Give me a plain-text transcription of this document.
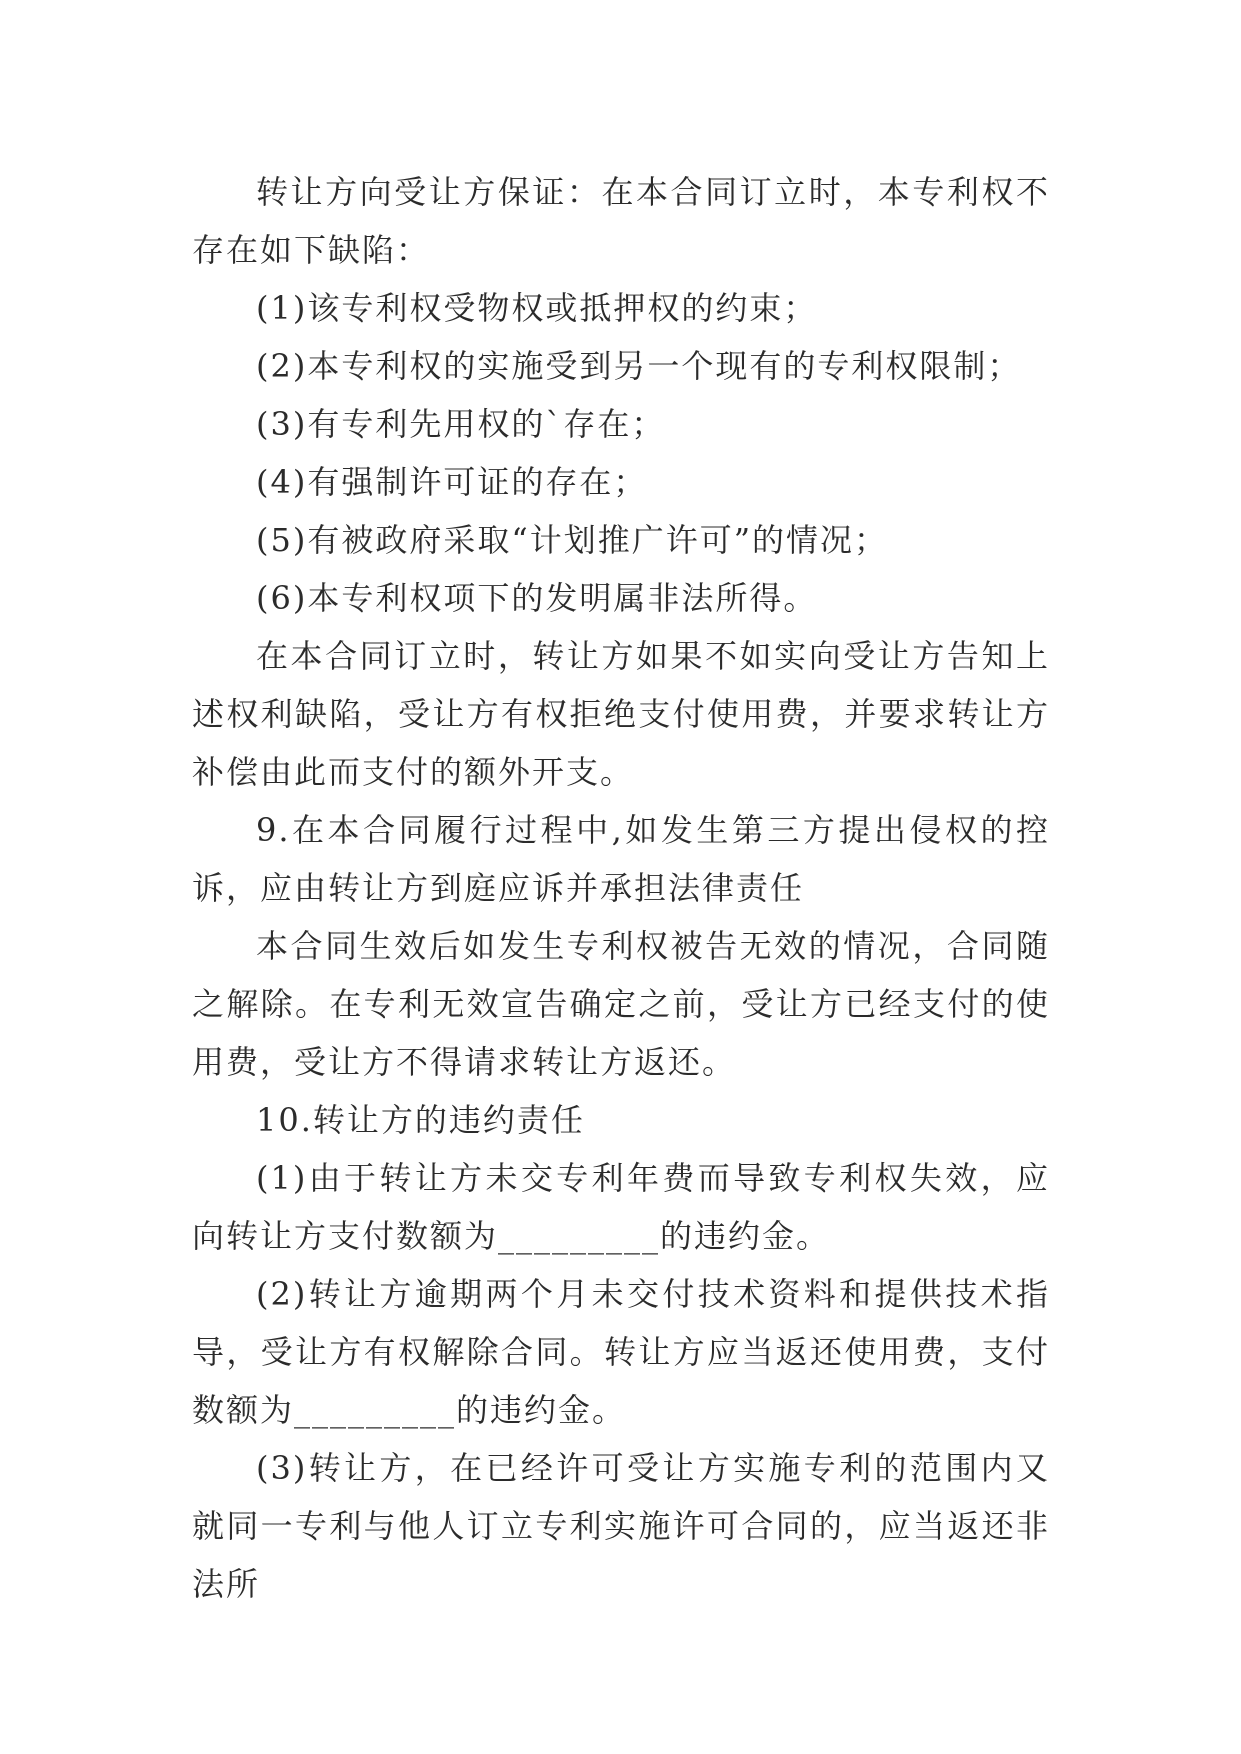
转让方向受让方保证：在本合同订立时，本专利权不存在如下缺陷：

(1)该专利权受物权或抵押权的约束；

(2)本专利权的实施受到另一个现有的专利权限制；

(3)有专利先用权的`存在；

(4)有强制许可证的存在；

(5)有被政府采取“计划推广许可”的情况；

(6)本专利权项下的发明属非法所得。

在本合同订立时，转让方如果不如实向受让方告知上述权利缺陷，受让方有权拒绝支付使用费，并要求转让方补偿由此而支付的额外开支。

9.在本合同履行过程中,如发生第三方提出侵权的控诉，应由转让方到庭应诉并承担法律责任

本合同生效后如发生专利权被告无效的情况，合同随之解除。在专利无效宣告确定之前，受让方已经支付的使用费，受让方不得请求转让方返还。

10.转让方的违约责任

(1)由于转让方未交专利年费而导致专利权失效，应向转让方支付数额为_________的违约金。

(2)转让方逾期两个月未交付技术资料和提供技术指导，受让方有权解除合同。转让方应当返还使用费，支付数额为_________的违约金。

(3)转让方，在已经许可受让方实施专利的范围内又就同一专利与他人订立专利实施许可合同的，应当返还非法所
